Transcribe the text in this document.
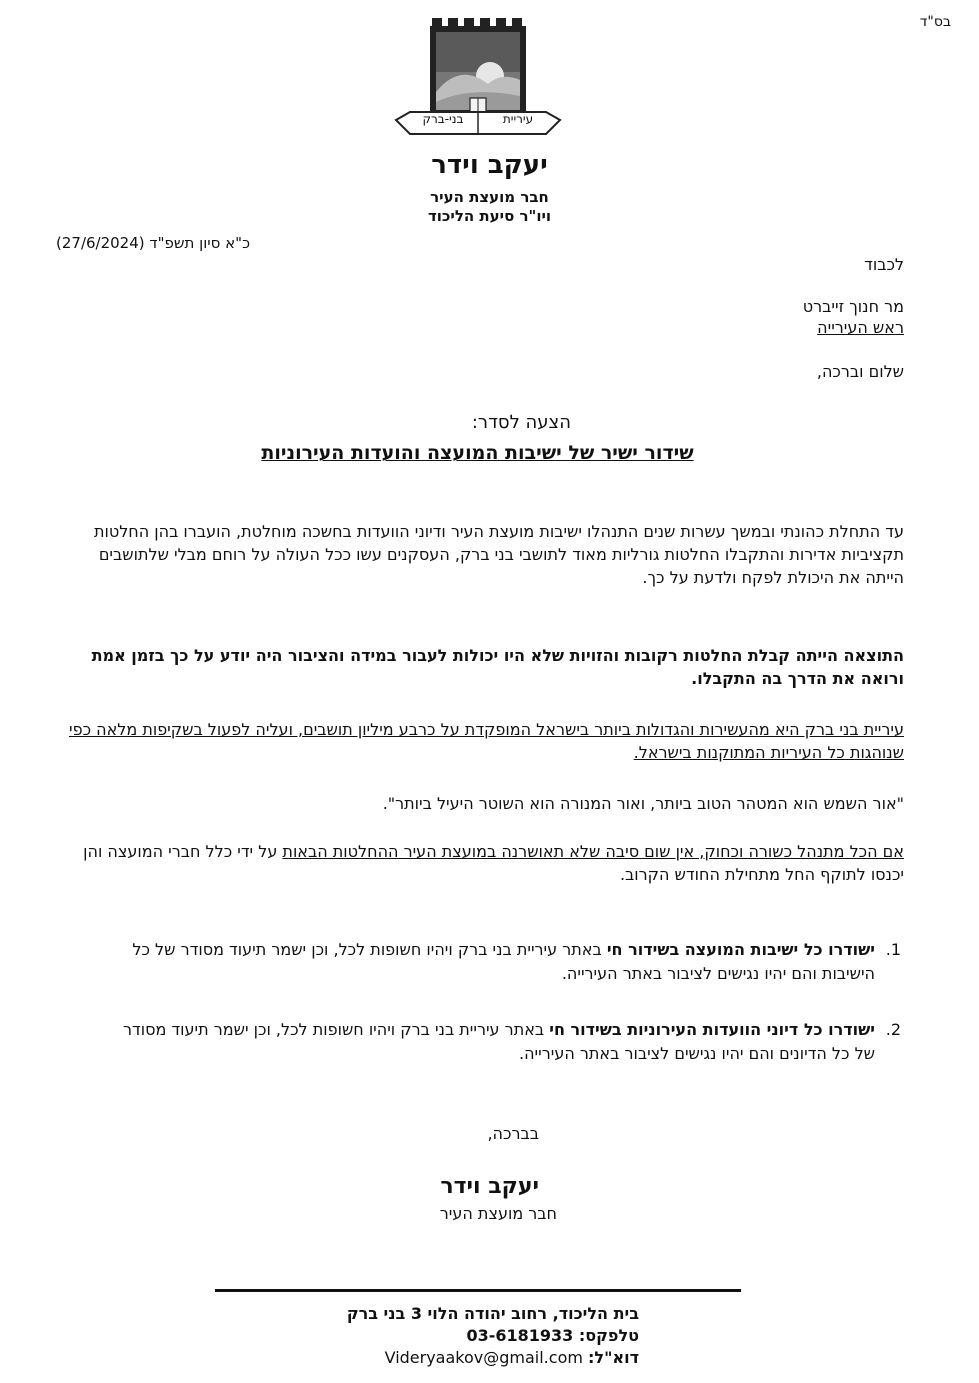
בס"ד
עיריית
בני-ברק
יעקב וידר
חבר מועצת העיר
ויו"ר סיעת הליכוד
כ"א סיון תשפ"ד (27/6/2024)
לכבוד
מר חנוך זייברט
ראש העירייה
שלום וברכה,
הצעה לסדר:
שידור ישיר של ישיבות המועצה והועדות העירוניות
עד התחלת כהונתי ובמשך עשרות שנים התנהלו ישיבות מועצת העיר ודיוני הוועדות בחשכה מוחלטת, הועברו בהן החלטות תקציביות אדירות והתקבלו החלטות גורליות מאוד לתושבי בני ברק, העסקנים עשו ככל העולה על רוחם מבלי שלתושבים הייתה את היכולת לפקח ולדעת על כך.
התוצאה הייתה קבלת החלטות רקובות והזויות שלא היו יכולות לעבור במידה והציבור היה יודע על כך בזמן אמת ורואה את הדרך בה התקבלו.
עיריית בני ברק היא מהעשירות והגדולות ביותר בישראל המופקדת על כרבע מיליון תושבים, ועליה לפעול בשקיפות מלאה כפי שנוהגות כל העיריות המתוקנות בישראל.
"אור השמש הוא המטהר הטוב ביותר, ואור המנורה הוא השוטר היעיל ביותר".
אם הכל מתנהל כשורה וכחוק, אין שום סיבה שלא תאושרנה במועצת העיר ההחלטות הבאות על ידי כלל חברי המועצה והן יכנסו לתוקף החל מתחילת החודש הקרוב.
1.
ישודרו כל ישיבות המועצה בשידור חי באתר עיריית בני ברק ויהיו חשופות לכל, וכן ישמר תיעוד מסודר של כל הישיבות והם יהיו נגישים לציבור באתר העירייה.
2.
ישודרו כל דיוני הוועדות העירוניות בשידור חי באתר עיריית בני ברק ויהיו חשופות לכל, וכן ישמר תיעוד מסודר של כל הדיונים והם יהיו נגישים לציבור באתר העירייה.
בברכה,
יעקב וידר
חבר מועצת העיר
בית הליכוד, רחוב יהודה הלוי 3 בני ברק
טלפקס: 03-6181933
דוא"ל: Videryaakov@gmail.com
